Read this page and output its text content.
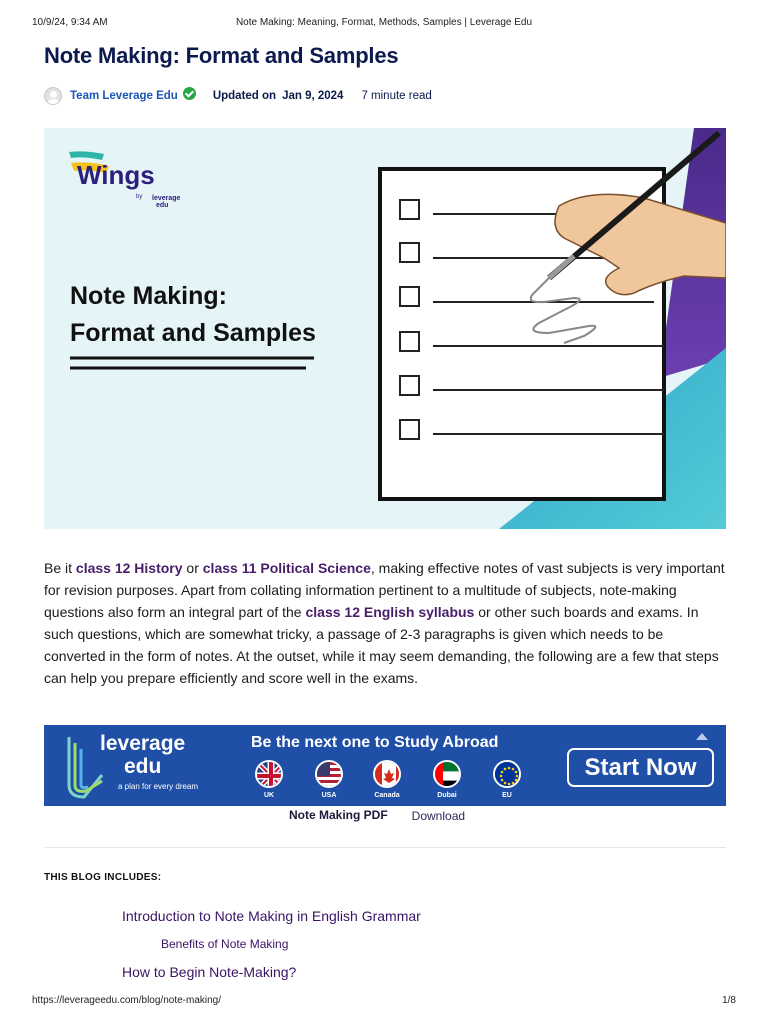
10/9/24, 9:34 AM	Note Making: Meaning, Format, Methods, Samples | Leverage Edu
Note Making: Format and Samples
Team Leverage Edu	Updated on Jan 9, 2024 7 minute read
Wings
by leverage
edu
Note Making:
Format and Samples

Be it class 12 History or class 11 Political Science, making effective notes of vast subjects is very important for revision purposes. Apart from collating information pertinent to a multitude of subjects, note-making questions also form an integral part of the class 12 English syllabus or other such boards and exams. In such questions, which are somewhat tricky, a passage of 2-3 paragraphs is given which needs to be converted in the form of notes. At the outset, while it may seem demanding, the following are a few that steps can help you prepare efficiently and score well in the exams.

leverage
edu
a plan for every dream
Be the next one to Study Abroad
UK	USA	Canada	Dubai	EU
Start Now
Note Making PDF	Download
THIS BLOG INCLUDES:
Introduction to Note Making in English Grammar
Benefits of Note Making
How to Begin Note-Making?
https://leverageedu.com/blog/note-making/	1/8
